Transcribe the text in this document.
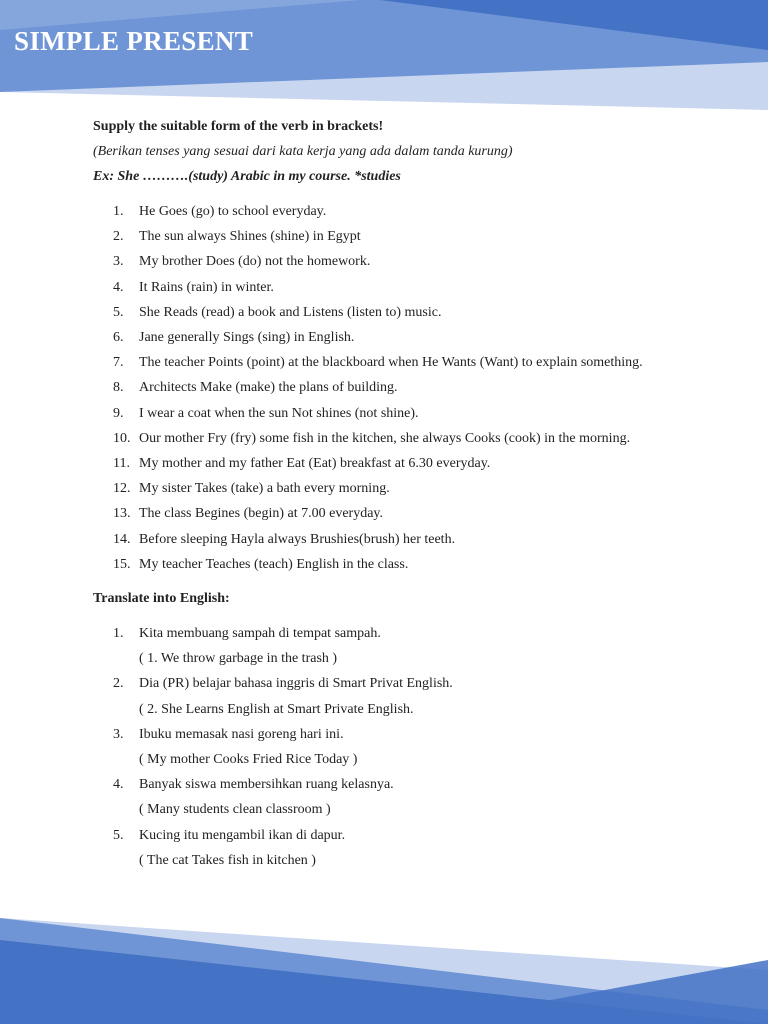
SIMPLE PRESENT

Supply the suitable form of the verb in brackets!

(Berikan tenses yang sesuai dari kata kerja yang ada dalam tanda kurung)

Ex: She ……….(study) Arabic in my course. *studies

1. He Goes (go) to school everyday.
2. The sun always Shines (shine) in Egypt
3. My brother Does (do) not the homework.
4. It Rains (rain) in winter.
5. She Reads (read) a book and Listens (listen to) music.
6. Jane generally Sings (sing) in English.
7. The teacher Points (point) at the blackboard when He Wants (Want) to explain something.
8. Architects Make (make) the plans of building.
9. I wear a coat when the sun Not shines (not shine).
10. Our mother Fry (fry) some fish in the kitchen, she always Cooks (cook) in the morning.
11. My mother and my father Eat (Eat) breakfast at 6.30 everyday.
12. My sister Takes (take) a bath every morning.
13. The class Begines (begin) at 7.00 everyday.
14. Before sleeping Hayla always Brushies(brush) her teeth.
15. My teacher Teaches (teach) English in the class.

Translate into English:

1. Kita membuang sampah di tempat sampah.
( 1. We throw garbage in the trash )
2. Dia (PR) belajar bahasa inggris di Smart Privat English.
( 2. She Learns English at Smart Private English.
3. Ibuku memasak nasi goreng hari ini.
( My mother Cooks Fried Rice Today )
4. Banyak siswa membersihkan ruang kelasnya.
( Many students clean classroom )
5. Kucing itu mengambil ikan di dapur.
( The cat Takes fish in kitchen )
